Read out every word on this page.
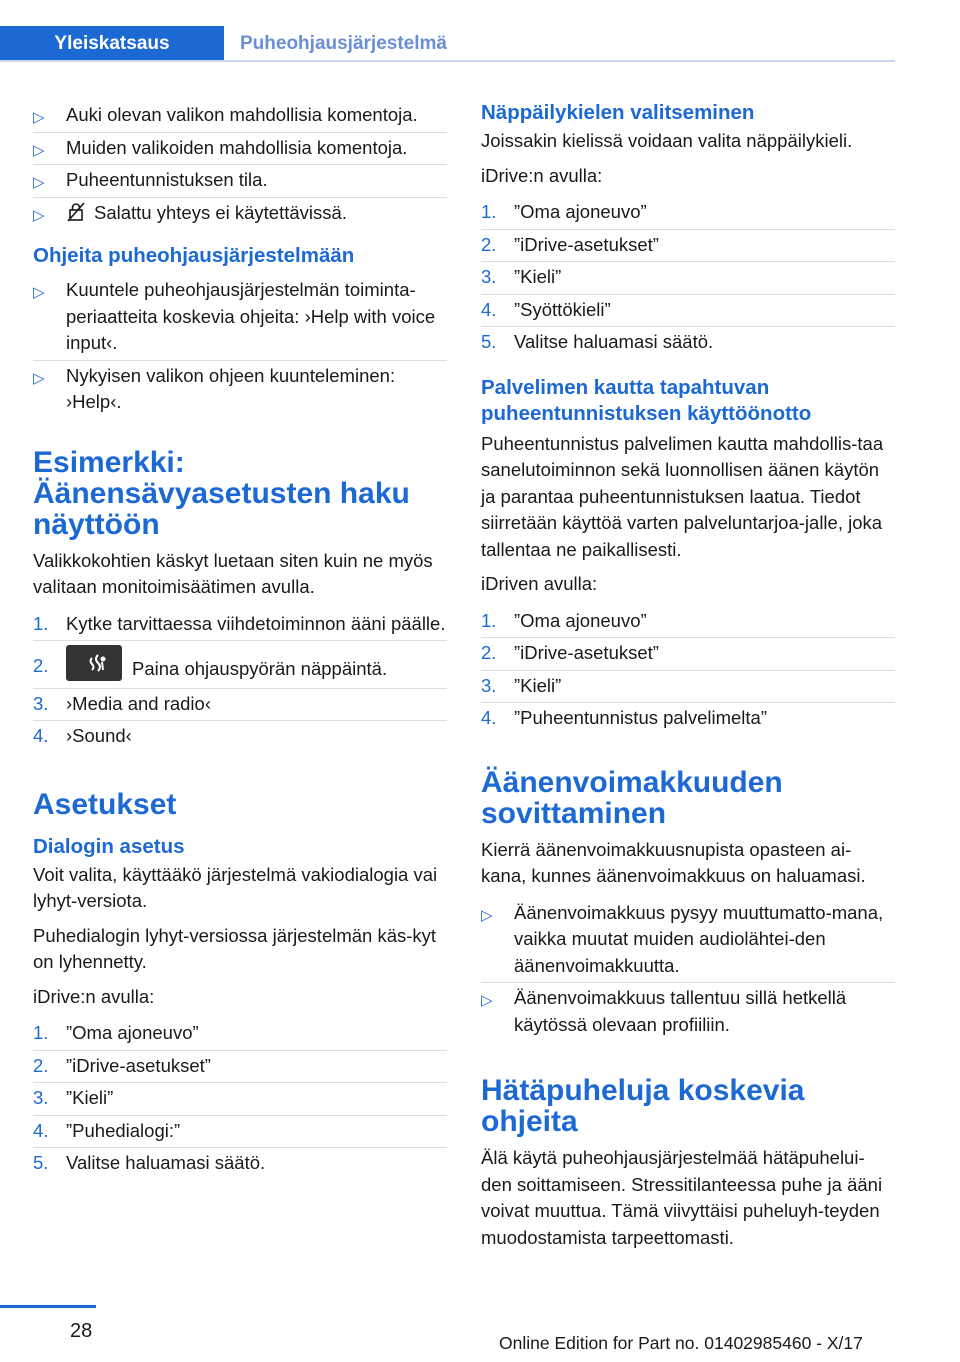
Yleiskatsaus	Puheohjausjärjestelmä
▷ Auki olevan valikon mahdollisia komentoja.
▷ Muiden valikoiden mahdollisia komentoja.
▷ Puheentunnistuksen tila.
▷	Salattu yhteys ei käytettävissä.
Ohjeita puheohjausjärjestelmään
▷ Kuuntele puheohjausjärjestelmän toiminta-periaatteita koskevia ohjeita: ›Help with voice input‹.
▷ Nykyisen valikon ohjeen kuunteleminen: ›Help‹.
Esimerkki: Äänensävyasetusten haku näyttöön

Valikkokohtien käskyt luetaan siten kuin ne myös valitaan monitoimisäätimen avulla.

1. Kytke tarvittaessa viihdetoiminnon ääni päälle.
2.	Paina ohjauspyörän näppäintä.
3. ›Media and radio‹
4. ›Sound‹
Asetukset
Dialogin asetus

Voit valita, käyttääkö järjestelmä vakiodialogia vai lyhyt-versiota.

Puhedialogin lyhyt-versiossa järjestelmän käs-kyt on lyhennetty.

iDrive:n avulla:

1. ”Oma ajoneuvo”
2. ”iDrive-asetukset”
3. ”Kieli”
4. ”Puhedialogi:”
5. Valitse haluamasi säätö.
Näppäilykielen valitseminen

Joissakin kielissä voidaan valita näppäilykieli.

iDrive:n avulla:

1. ”Oma ajoneuvo”
2. ”iDrive-asetukset”
3. ”Kieli”
4. ”Syöttökieli”
5. Valitse haluamasi säätö.
Palvelimen kautta tapahtuvan puheentunnistuksen käyttöönotto

Puheentunnistus palvelimen kautta mahdollis-taa sanelutoiminnon sekä luonnollisen äänen käytön ja parantaa puheentunnistuksen laatua. Tiedot siirretään käyttöä varten palveluntarjoa-jalle, joka tallentaa ne paikallisesti.

iDriven avulla:

1. ”Oma ajoneuvo”
2. ”iDrive-asetukset”
3. ”Kieli”
4. ”Puheentunnistus palvelimelta”
Äänenvoimakkuuden sovittaminen

Kierrä äänenvoimakkuusnupista opasteen ai-kana, kunnes äänenvoimakkuus on haluamasi.

▷ Äänenvoimakkuus pysyy muuttumatto-mana, vaikka muutat muiden audiolähtei-den äänenvoimakkuutta.
▷ Äänenvoimakkuus tallentuu sillä hetkellä käytössä olevaan profiiliin.
Hätäpuheluja koskevia ohjeita

Älä käytä puheohjausjärjestelmää hätäpuhelui-den soittamiseen. Stressitilanteessa puhe ja ääni voivat muuttua. Tämä viivyttäisi puheluyh-teyden muodostamista tarpeettomasti.

28
Online Edition for Part no. 01402985460 - X/17
